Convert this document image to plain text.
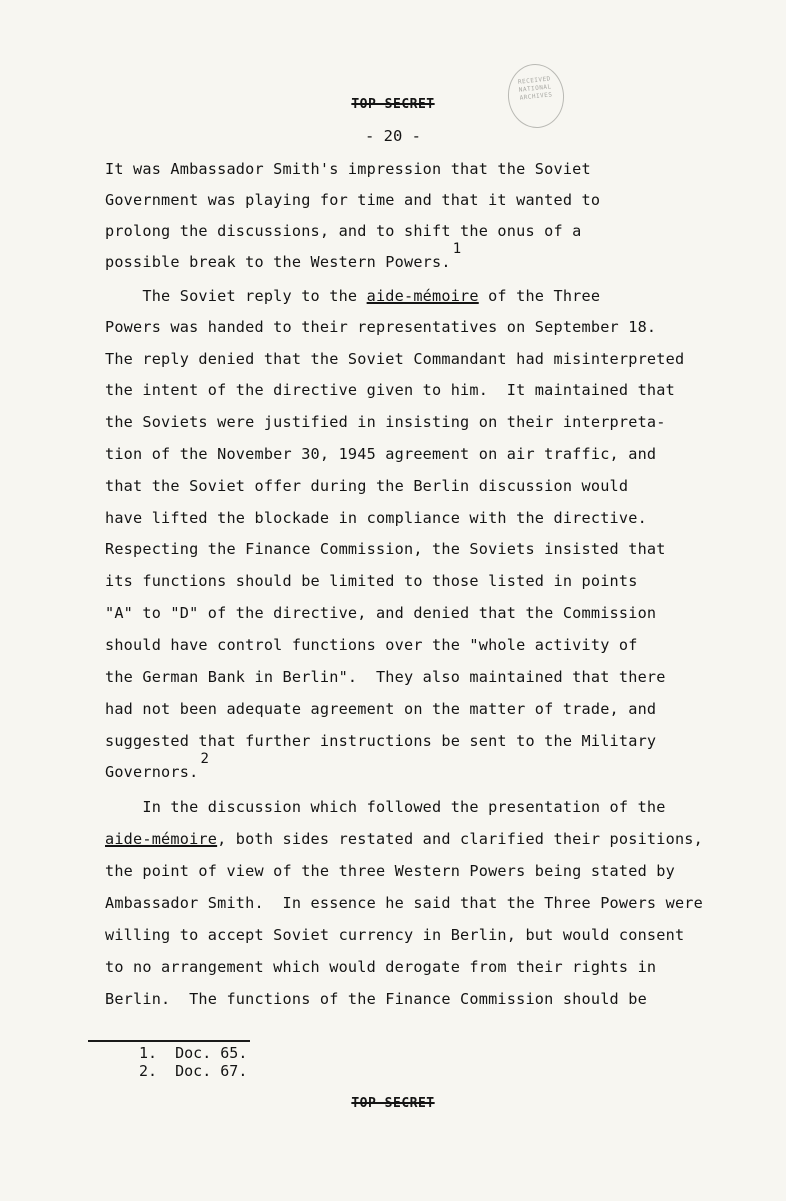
RECEIVED
NATIONAL ARCHIVES
TOP SECRET
- 20 -
It was Ambassador Smith's impression that the Soviet
Government was playing for time and that it wanted to
prolong the discussions, and to shift the onus of a
possible break to the Western Powers.1
The Soviet reply to the aide-mémoire of the Three
Powers was handed to their representatives on September 18.
The reply denied that the Soviet Commandant had misinterpreted
the intent of the directive given to him.  It maintained that
the Soviets were justified in insisting on their interpreta-
tion of the November 30, 1945 agreement on air traffic, and
that the Soviet offer during the Berlin discussion would
have lifted the blockade in compliance with the directive.
Respecting the Finance Commission, the Soviets insisted that
its functions should be limited to those listed in points
"A" to "D" of the directive, and denied that the Commission
should have control functions over the "whole activity of
the German Bank in Berlin".  They also maintained that there
had not been adequate agreement on the matter of trade, and
suggested that further instructions be sent to the Military
Governors.2
In the discussion which followed the presentation of the
aide-mémoire, both sides restated and clarified their positions,
the point of view of the three Western Powers being stated by
Ambassador Smith.  In essence he said that the Three Powers were
willing to accept Soviet currency in Berlin, but would consent
to no arrangement which would derogate from their rights in
Berlin.  The functions of the Finance Commission should be
1.  Doc. 65.
2.  Doc. 67.
TOP SECRET
